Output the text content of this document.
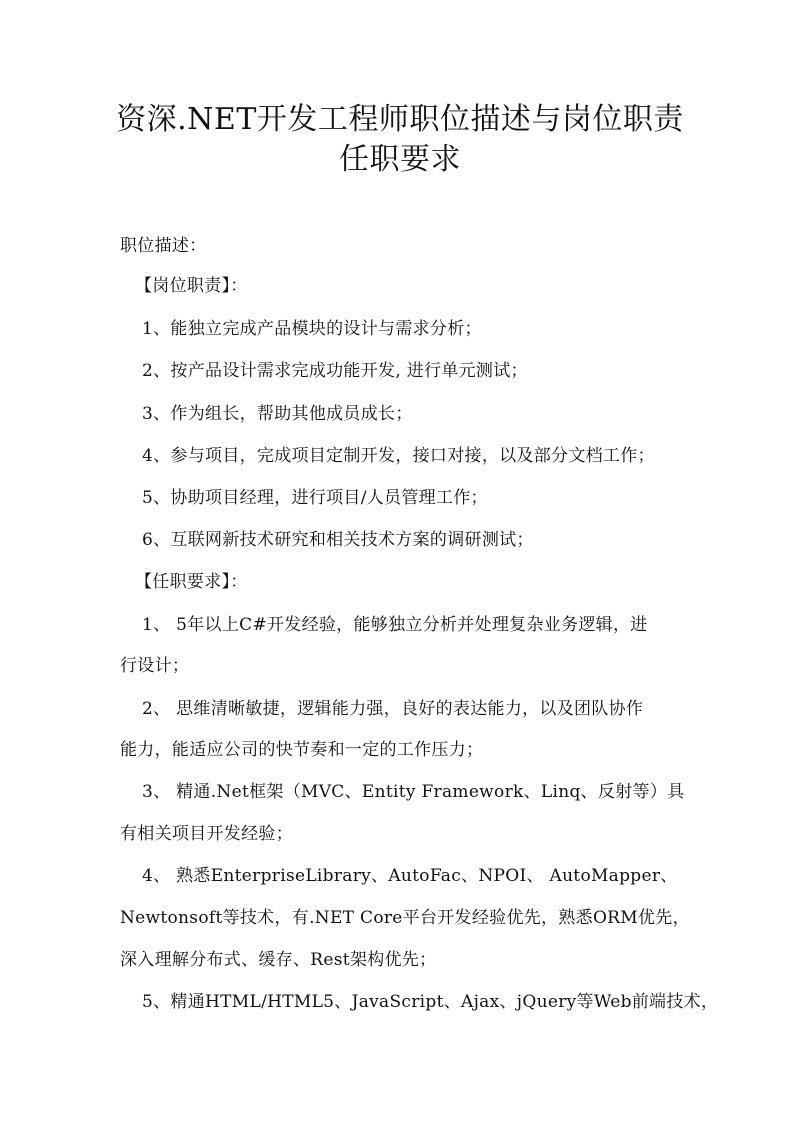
资深.NET开发工程师职位描述与岗位职责
任职要求
职位描述：
【岗位职责】：
1、能独立完成产品模块的设计与需求分析；
2、按产品设计需求完成功能开发, 进行单元测试；
3、作为组长，帮助其他成员成长；
4、参与项目，完成项目定制开发，接口对接，以及部分文档工作；
5、协助项目经理，进行项目/人员管理工作；
6、互联网新技术研究和相关技术方案的调研测试；
【任职要求】：
1、 5年以上C#开发经验，能够独立分析并处理复杂业务逻辑，进
行设计；
2、 思维清晰敏捷，逻辑能力强，良好的表达能力，以及团队协作
能力，能适应公司的快节奏和一定的工作压力；
3、 精通.Net框架（MVC、Entity Framework、Linq、反射等）具
有相关项目开发经验；
4、 熟悉EnterpriseLibrary、AutoFac、NPOI、 AutoMapper、
Newtonsoft等技术，有.NET Core平台开发经验优先，熟悉ORM优先，
深入理解分布式、缓存、Rest架构优先；
5、精通HTML/HTML5、JavaScript、Ajax、jQuery等Web前端技术，
